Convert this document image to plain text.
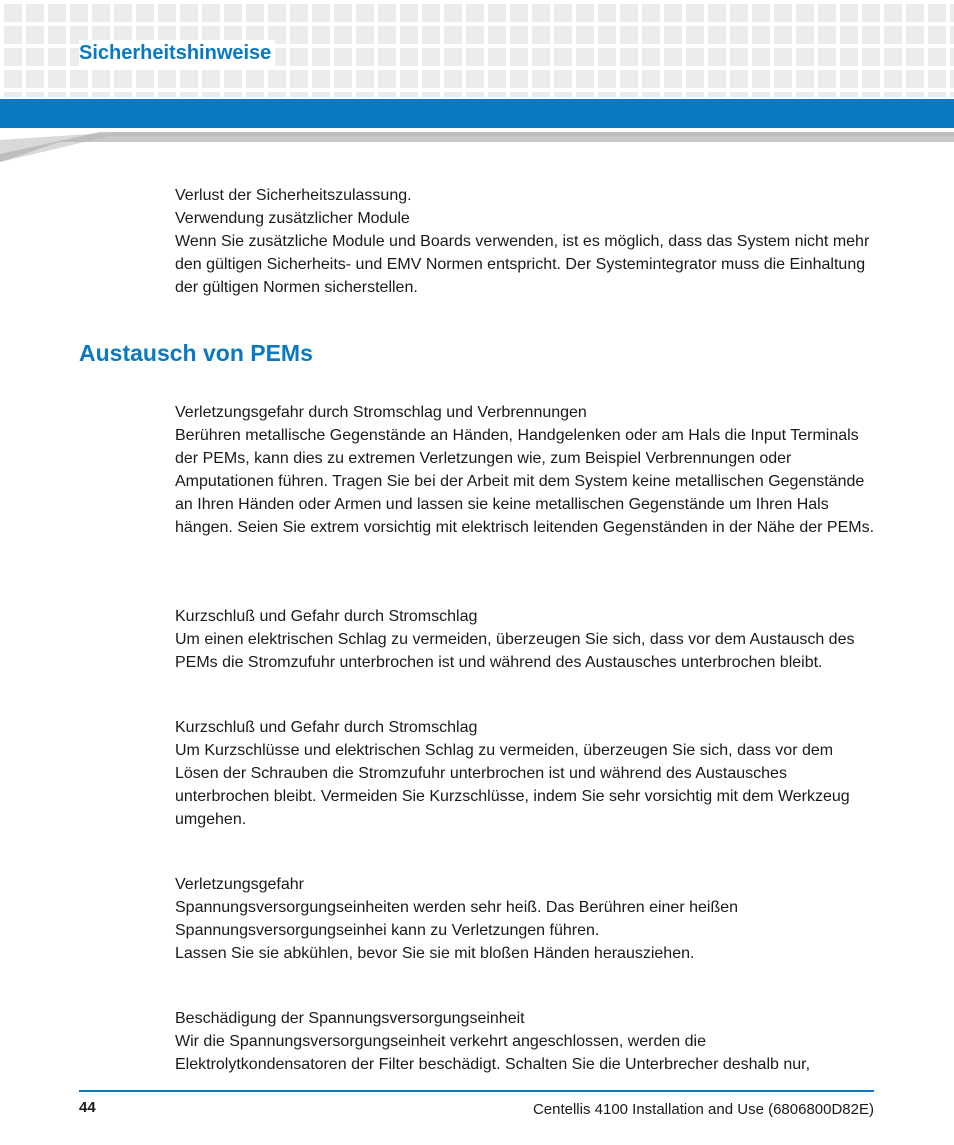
Sicherheitshinweise

Verlust der Sicherheitszulassung.

Verwendung zusätzlicher Module

Wenn Sie zusätzliche Module und Boards verwenden, ist es möglich, dass das System nicht mehr den gültigen Sicherheits- und EMV Normen entspricht. Der Systemintegrator muss die Einhaltung der gültigen Normen sicherstellen.

Austausch von PEMs

Verletzungsgefahr durch Stromschlag und Verbrennungen

Berühren metallische Gegenstände an Händen, Handgelenken oder am Hals die Input Terminals der PEMs, kann dies zu extremen Verletzungen wie, zum Beispiel Verbrennungen oder Amputationen führen. Tragen Sie bei der Arbeit mit dem System keine metallischen Gegenstände an Ihren Händen oder Armen und lassen sie keine metallischen Gegenstände um Ihren Hals hängen. Seien Sie extrem vorsichtig mit elektrisch leitenden Gegenständen in der Nähe der PEMs.

Kurzschluß und Gefahr durch Stromschlag

Um einen elektrischen Schlag zu vermeiden, überzeugen Sie sich, dass vor dem Austausch des PEMs die Stromzufuhr unterbrochen ist und während des Austausches unterbrochen bleibt.

Kurzschluß und Gefahr durch Stromschlag

Um Kurzschlüsse und elektrischen Schlag zu vermeiden, überzeugen Sie sich, dass vor dem Lösen der Schrauben die Stromzufuhr unterbrochen ist und während des Austausches unterbrochen bleibt. Vermeiden Sie Kurzschlüsse, indem Sie sehr vorsichtig mit dem Werkzeug umgehen.

Verletzungsgefahr

Spannungsversorgungseinheiten werden sehr heiß. Das Berühren einer heißen Spannungsversorgungseinhei kann zu Verletzungen führen.

Lassen Sie sie abkühlen, bevor Sie sie mit bloßen Händen herausziehen.

Beschädigung der Spannungsversorgungseinheit

Wir die Spannungsversorgungseinheit verkehrt angeschlossen, werden die Elektrolytkondensatoren der Filter beschädigt. Schalten Sie die Unterbrecher deshalb nur,

44	Centellis 4100 Installation and Use (6806800D82E)
